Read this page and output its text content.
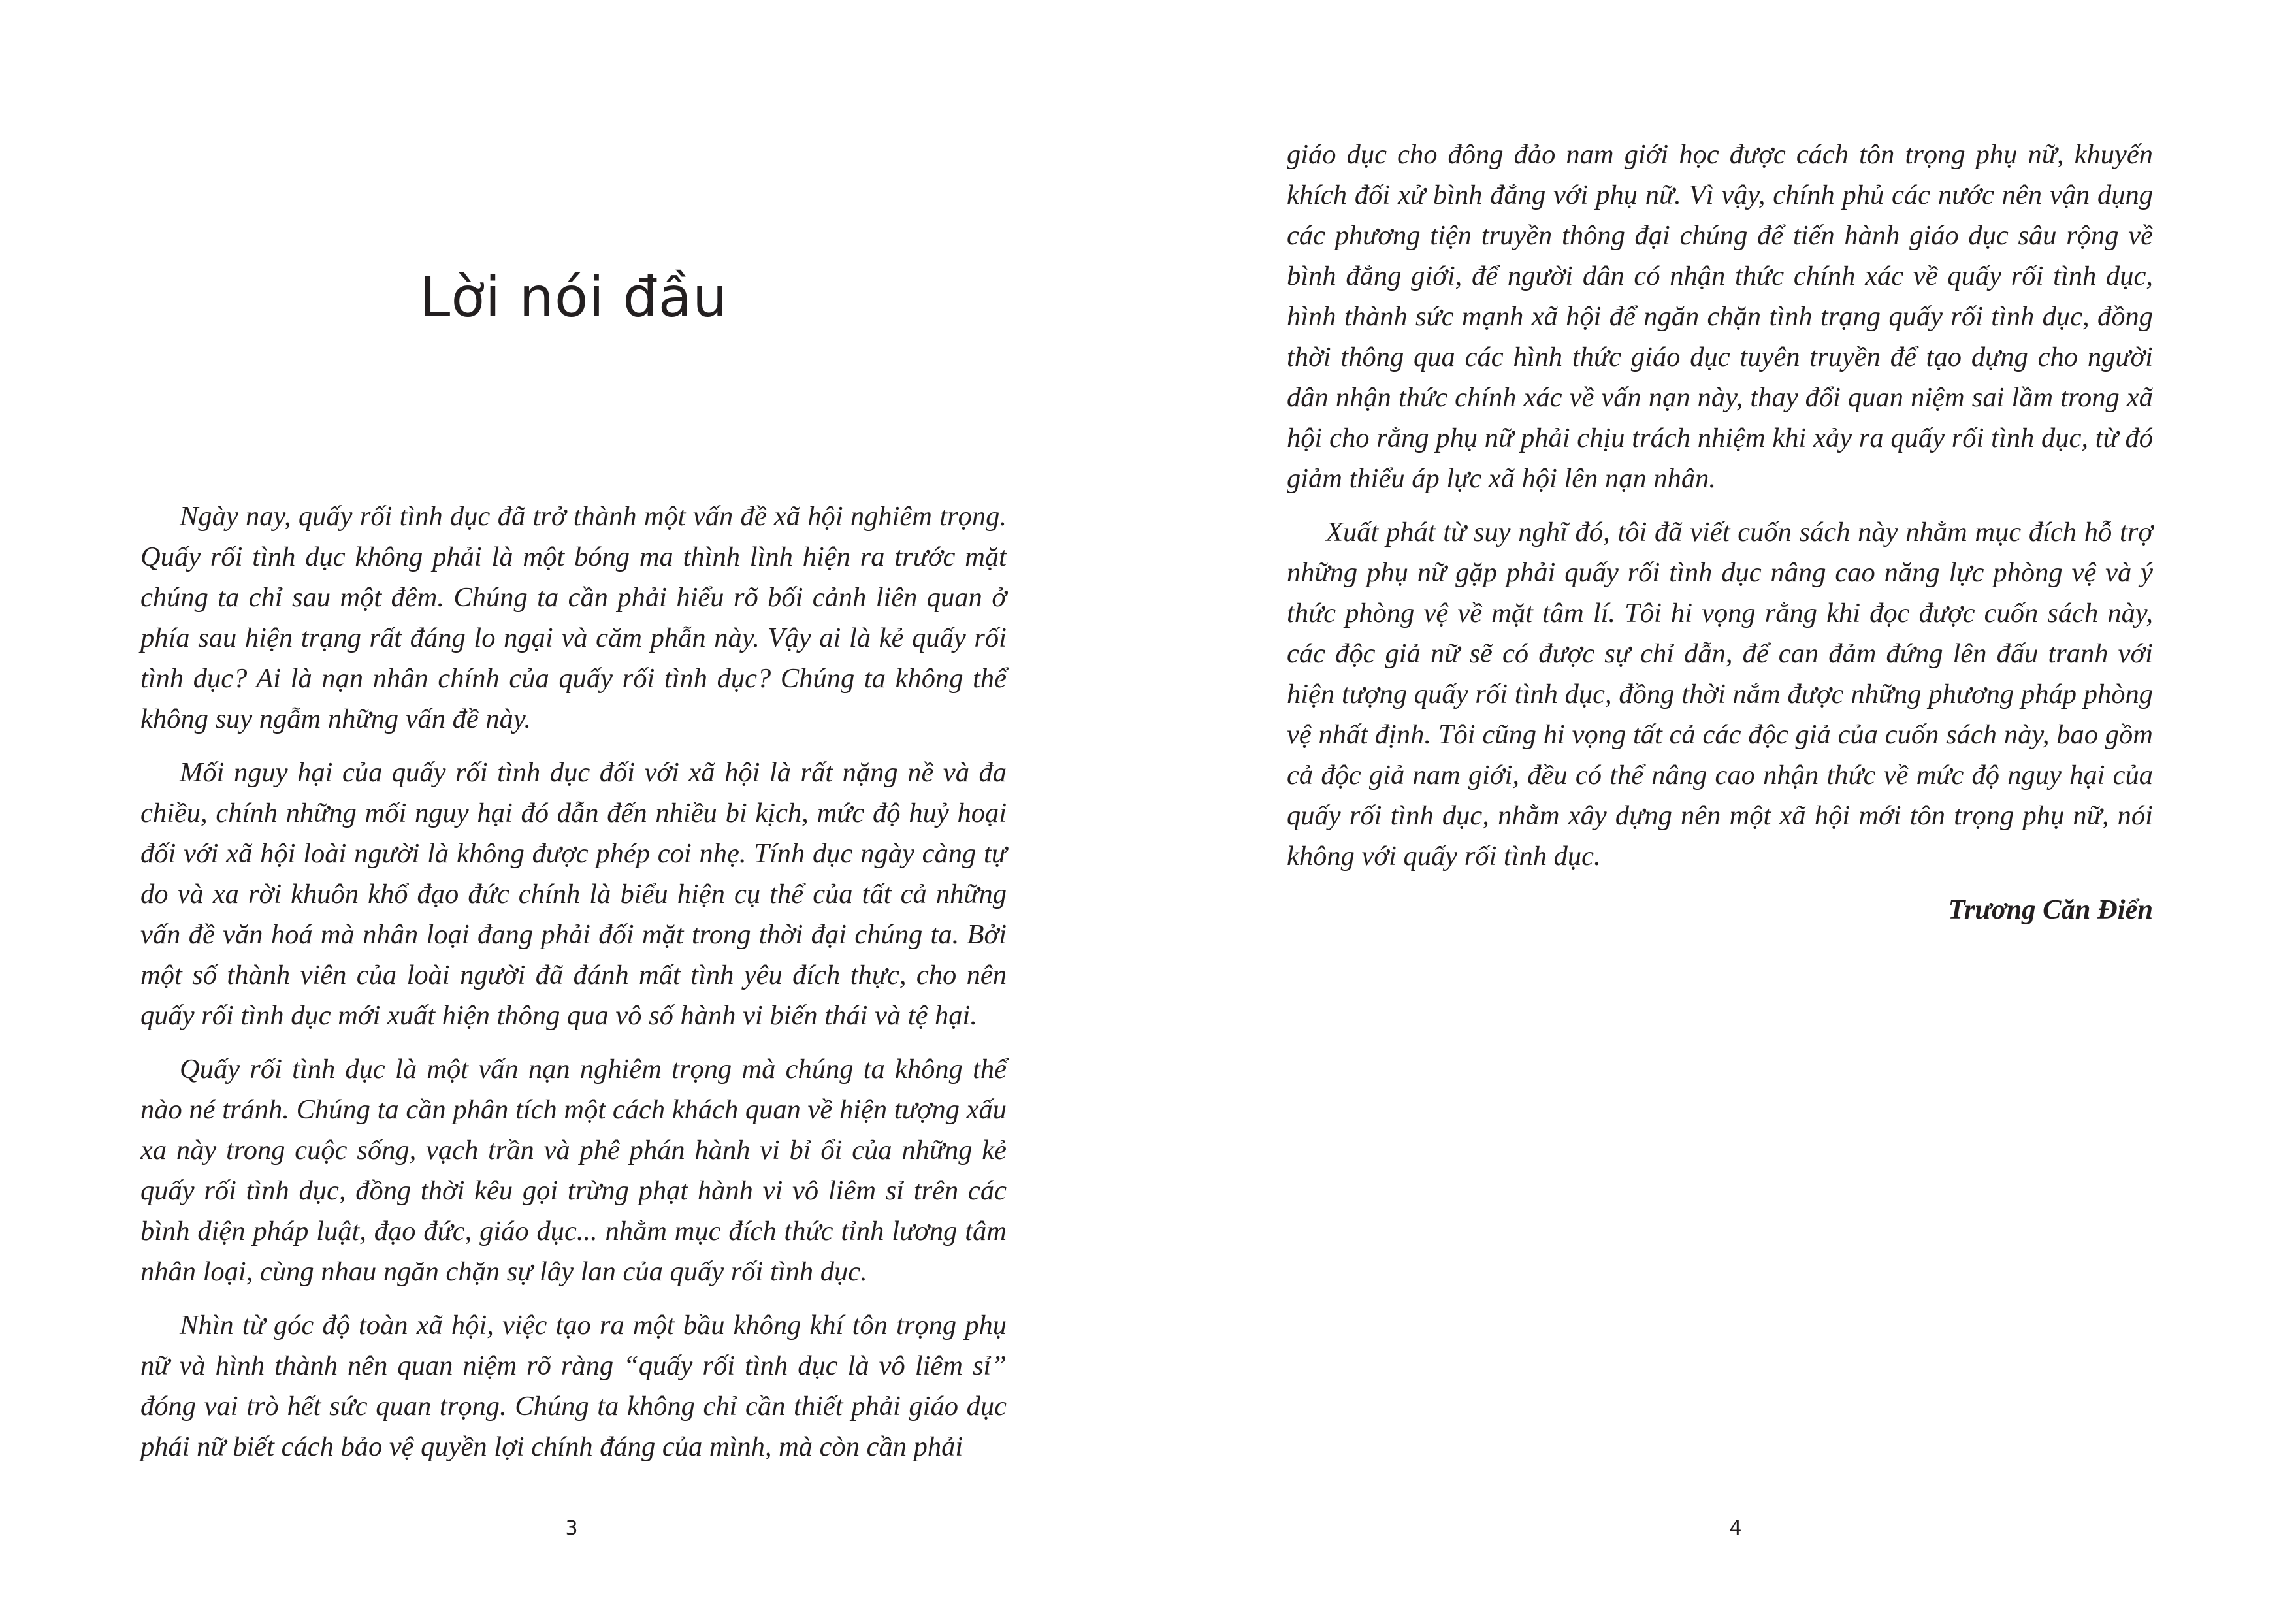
Lời nói đầu

Ngày nay, quấy rối tình dục đã trở thành một vấn đề xã hội nghiêm trọng. Quấy rối tình dục không phải là một bóng ma thình lình hiện ra trước mặt chúng ta chỉ sau một đêm. Chúng ta cần phải hiểu rõ bối cảnh liên quan ở phía sau hiện trạng rất đáng lo ngại và căm phẫn này. Vậy ai là kẻ quấy rối tình dục? Ai là nạn nhân chính của quấy rối tình dục? Chúng ta không thể không suy ngẫm những vấn đề này.

Mối nguy hại của quấy rối tình dục đối với xã hội là rất nặng nề và đa chiều, chính những mối nguy hại đó dẫn đến nhiều bi kịch, mức độ huỷ hoại đối với xã hội loài người là không được phép coi nhẹ. Tính dục ngày càng tự do và xa rời khuôn khổ đạo đức chính là biểu hiện cụ thể của tất cả những vấn đề văn hoá mà nhân loại đang phải đối mặt trong thời đại chúng ta. Bởi một số thành viên của loài người đã đánh mất tình yêu đích thực, cho nên quấy rối tình dục mới xuất hiện thông qua vô số hành vi biến thái và tệ hại.

Quấy rối tình dục là một vấn nạn nghiêm trọng mà chúng ta không thể nào né tránh. Chúng ta cần phân tích một cách khách quan về hiện tượng xấu xa này trong cuộc sống, vạch trần và phê phán hành vi bỉ ổi của những kẻ quấy rối tình dục, đồng thời kêu gọi trừng phạt hành vi vô liêm sỉ trên các bình diện pháp luật, đạo đức, giáo dục... nhằm mục đích thức tỉnh lương tâm nhân loại, cùng nhau ngăn chặn sự lây lan của quấy rối tình dục.

Nhìn từ góc độ toàn xã hội, việc tạo ra một bầu không khí tôn trọng phụ nữ và hình thành nên quan niệm rõ ràng “quấy rối tình dục là vô liêm sỉ” đóng vai trò hết sức quan trọng. Chúng ta không chỉ cần thiết phải giáo dục phái nữ biết cách bảo vệ quyền lợi chính đáng của mình, mà còn cần phải

3

giáo dục cho đông đảo nam giới học được cách tôn trọng phụ nữ, khuyến khích đối xử bình đẳng với phụ nữ. Vì vậy, chính phủ các nước nên vận dụng các phương tiện truyền thông đại chúng để tiến hành giáo dục sâu rộng về bình đẳng giới, để người dân có nhận thức chính xác về quấy rối tình dục, hình thành sức mạnh xã hội để ngăn chặn tình trạng quấy rối tình dục, đồng thời thông qua các hình thức giáo dục tuyên truyền để tạo dựng cho người dân nhận thức chính xác về vấn nạn này, thay đổi quan niệm sai lầm trong xã hội cho rằng phụ nữ phải chịu trách nhiệm khi xảy ra quấy rối tình dục, từ đó giảm thiểu áp lực xã hội lên nạn nhân.

Xuất phát từ suy nghĩ đó, tôi đã viết cuốn sách này nhằm mục đích hỗ trợ những phụ nữ gặp phải quấy rối tình dục nâng cao năng lực phòng vệ và ý thức phòng vệ về mặt tâm lí. Tôi hi vọng rằng khi đọc được cuốn sách này, các độc giả nữ sẽ có được sự chỉ dẫn, để can đảm đứng lên đấu tranh với hiện tượng quấy rối tình dục, đồng thời nắm được những phương pháp phòng vệ nhất định. Tôi cũng hi vọng tất cả các độc giả của cuốn sách này, bao gồm cả độc giả nam giới, đều có thể nâng cao nhận thức về mức độ nguy hại của quấy rối tình dục, nhằm xây dựng nên một xã hội mới tôn trọng phụ nữ, nói không với quấy rối tình dục.

Trương Căn Điển

4
